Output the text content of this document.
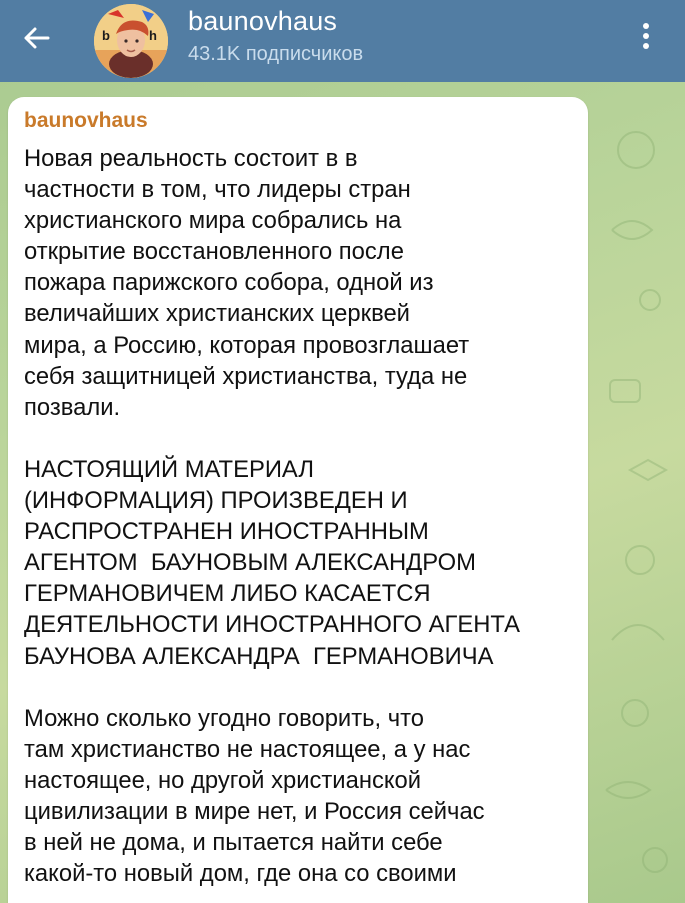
b	h baunovhaus
43.1K подписчиков
baunovhaus
Новая реальность состоит в в
частности в том, что лидеры стран
христианского мира собрались на
открытие восстановленного после
пожара парижского собора, одной из
величайших христианских церквей
мира, а Россию, которая провозглашает
себя защитницей христианства, туда не
позвали.
НАСТОЯЩИЙ МАТЕРИАЛ
(ИНФОРМАЦИЯ) ПРОИЗВЕДЕН И
РАСПРОСТРАНЕН ИНОСТРАННЫМ
АГЕНТОМ  БАУНОВЫМ АЛЕКСАНДРОМ
ГЕРМАНОВИЧЕМ ЛИБО КАСАЕТСЯ
ДЕЯТЕЛЬНОСТИ ИНОСТРАННОГО АГЕНТА
БАУНОВА АЛЕКСАНДРА  ГЕРМАНОВИЧА
Можно сколько угодно говорить, что
там христианство не настоящее, а у нас
настоящее, но другой христианской
цивилизации в мире нет, и Россия сейчас
в ней не дома, и пытается найти себе
какой-то новый дом, где она со своими
